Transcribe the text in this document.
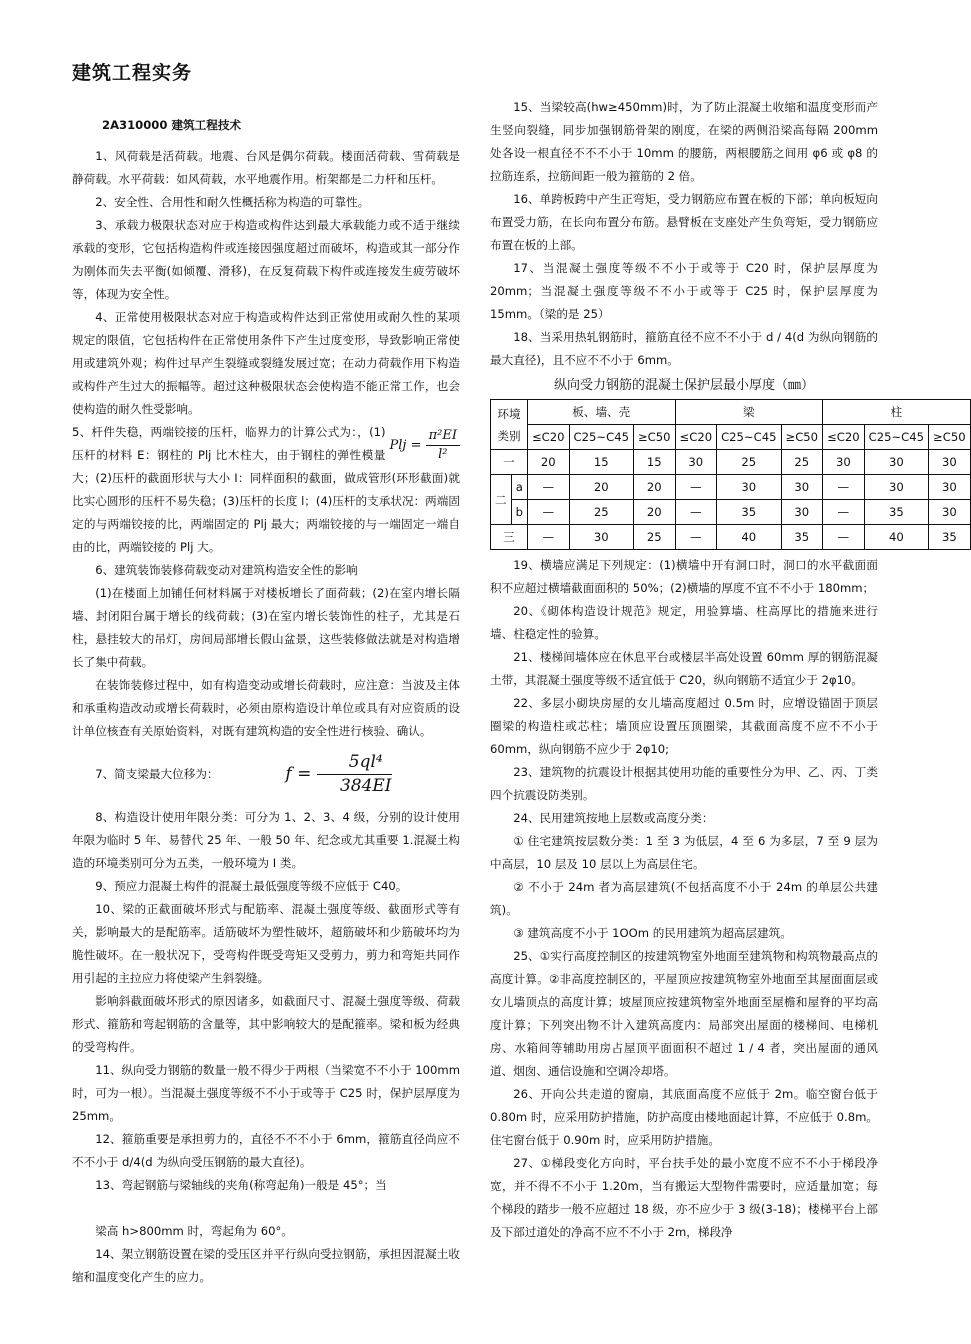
建筑工程实务

2A310000 建筑工程技术

1、风荷载是活荷载。地震、台风是偶尔荷载。楼面活荷载、雪荷载是静荷载。水平荷载：如风荷载，水平地震作用。桁架都是二力杆和压杆。

2、安全性、合用性和耐久性概括称为构造的可靠性。

3、承载力极限状态对应于构造或构件达到最大承载能力或不适于继续承载的变形，它包括构造构件或连接因强度超过而破坏，构造或其一部分作为刚体而失去平衡(如倾覆、滑移)，在反复荷载下构件或连接发生疲劳破坏等，体现为安全性。

4、正常使用极限状态对应于构造或构件达到正常使用或耐久性的某项规定的限值，它包括构件在正常使用条件下产生过度变形，导致影响正常使用或建筑外观；构件过早产生裂缝或裂缝发展过宽；在动力荷载作用下构造或构件产生过大的振幅等。超过这种极限状态会使构造不能正常工作，也会使构造的耐久性受影响。

Plj = $\frac{\text{π²EI}}{\text{l²}}$

5、杆件失稳，两端铰接的压杆，临界力的计算公式为：，(1)压杆的材料 E：钢柱的 Plj 比木柱大，由于钢柱的弹性模量大；(2)压杆的截面形状与大小 I：同样面积的截面，做成管形(环形截面)就比实心圆形的压杆不易失稳；(3)压杆的长度 l；(4)压杆的支承状况：两端固定的与两端铰接的比，两端固定的 Plj 最大；两端铰接的与一端固定一端自由的比，两端铰接的 Plj 大。

6、建筑装饰装修荷载变动对建筑构造安全性的影响

(1)在楼面上加铺任何材料属于对楼板增长了面荷载；(2)在室内增长隔墙、封闭阳台属于增长的线荷载；(3)在室内增长装饰性的柱子，尤其是石柱，悬挂较大的吊灯，房间局部增长假山盆景，这些装修做法就是对构造增长了集中荷载。

在装饰装修过程中，如有构造变动或增长荷载时，应注意：当波及主体和承重构造改动或增长荷载时，必须由原构造设计单位或具有对应资质的设计单位核查有关原始资料，对既有建筑构造的安全性进行核验、确认。

7、简支梁最大位移为：	$f = \frac{\text{5ql⁴}}{384EI}$

8、构造设计使用年限分类：可分为 1、2、3、4 级，分别的设计使用年限为临时 5 年、易替代 25 年、一般 50 年、纪念或尤其重要 1.混凝土构造的环境类别可分为五类，一般环境为 I 类。

9、预应力混凝土构件的混凝土最低强度等级不应低于 C40。

10、梁的正截面破坏形式与配筋率、混凝土强度等级、截面形式等有关，影响最大的是配筋率。适筋破坏为塑性破坏，超筋破坏和少筋破坏均为脆性破坏。在一般状况下，受弯构件既受弯矩又受剪力，剪力和弯矩共同作用引起的主拉应力将使梁产生斜裂缝。

影响斜截面破坏形式的原因诸多，如截面尺寸、混凝土强度等级、荷载形式、箍筋和弯起钢筋的含量等，其中影响较大的是配箍率。梁和板为经典的受弯构件。

11、纵向受力钢筋的数量一般不得少于两根（当梁宽不不小于 100mm 时，可为一根）。当混凝土强度等级不不小于或等于 C25 时，保护层厚度为 25mm。

12、箍筋重要是承担剪力的，直径不不不小于 6mm，箍筋直径尚应不不不小于 d/4(d 为纵向受压钢筋的最大直径)。

13、弯起钢筋与梁轴线的夹角(称弯起角)一般是 45°；当

梁高 h>800mm 时，弯起角为 60°。

14、架立钢筋设置在梁的受压区并平行纵向受拉钢筋，承担因混凝土收缩和温度变化产生的应力。

15、当梁较高(hw≥450mm)时，为了防止混凝土收缩和温度变形而产生竖向裂缝，同步加强钢筋骨架的刚度，在梁的两侧沿梁高每隔 200mm 处各设一根直径不不不小于 10mm 的腰筋，两根腰筋之间用 φ6 或 φ8 的拉筋连系，拉筋间距一般为箍筋的 2 倍。

16、单跨板跨中产生正弯矩，受力钢筋应布置在板的下部；单向板短向布置受力筋，在长向布置分布筋。悬臂板在支座处产生负弯矩，受力钢筋应布置在板的上部。

17、当混凝土强度等级不不小于或等于 C20 时，保护层厚度为 20mm；当混凝土强度等级不不小于或等于 C25 时，保护层厚度为 15mm。（梁的是 25）

18、当采用热轧钢筋时，箍筋直径不应不不小于 d / 4(d 为纵向钢筋的最大直径)，且不应不不小于 6mm。

纵向受力钢筋的混凝土保护层最小厚度（㎜）
环境类别		板、墙、壳			梁			柱		
		≤C20	C25~C45	≥C50	≤C20	C25~C45	≥C50	≤C20	C25~C45	≥C50
一		20	15	15	30	25	25	30	30	30
二	a	—	20	20	—	30	30	—	30	30
	b	—	25	20	—	35	30	—	35	30
三		—	30	25	—	40	35	—	40	35

19、横墙应满足下列规定：(1)横墙中开有洞口时，洞口的水平截面面积不应超过横墙截面面积的 50%；(2)横墙的厚度不宜不不小于 180mm；

20、《砌体构造设计规范》规定，用验算墙、柱高厚比的措施来进行墙、柱稳定性的验算。

21、楼梯间墙体应在休息平台或楼层半高处设置 60mm 厚的钢筋混凝土带，其混凝土强度等级不适宜低于 C20，纵向钢筋不适宜少于 2φ10。

22、多层小砌块房屋的女儿墙高度超过 0.5m 时，应增设锚固于顶层圈梁的构造柱或芯柱；墙顶应设置压顶圈梁，其截面高度不应不不小于 60mm，纵向钢筋不应少于 2φ10;

23、建筑物的抗震设计根据其使用功能的重要性分为甲、乙、丙、丁类四个抗震设防类别。

24、民用建筑按地上层数或高度分类：

① 住宅建筑按层数分类：1 至 3 为低层，4 至 6 为多层，7 至 9 层为中高层，10 层及 10 层以上为高层住宅。

② 不小于 24m 者为高层建筑(不包括高度不小于 24m 的单层公共建筑)。

③ 建筑高度不小于 1OOm 的民用建筑为超高层建筑。

25、①实行高度控制区的按建筑物室外地面至建筑物和构筑物最高点的高度计算。②非高度控制区的，平屋顶应按建筑物室外地面至其屋面面层或女儿墙顶点的高度计算；坡屋顶应按建筑物室外地面至屋檐和屋脊的平均高度计算；下列突出物不计入建筑高度内：局部突出屋面的楼梯间、电梯机房、水箱间等辅助用房占屋顶平面面积不超过 1 / 4 者，突出屋面的通风道、烟囱、通信设施和空调冷却塔。

26、开向公共走道的窗扇，其底面高度不应低于 2m。临空窗台低于 0.80m 时，应采用防护措施，防护高度由楼地面起计算，不应低于 0.8m。住宅窗台低于 0.90m 时，应采用防护措施。

27、①梯段变化方向时，平台扶手处的最小宽度不应不不小于梯段净宽，并不得不不小于 1.20m，当有搬运大型物件需要时，应适量加宽；每个梯段的踏步一般不应超过 18 级，亦不应少于 3 级(3-18)；楼梯平台上部及下部过道处的净高不应不不小于 2m，梯段净
